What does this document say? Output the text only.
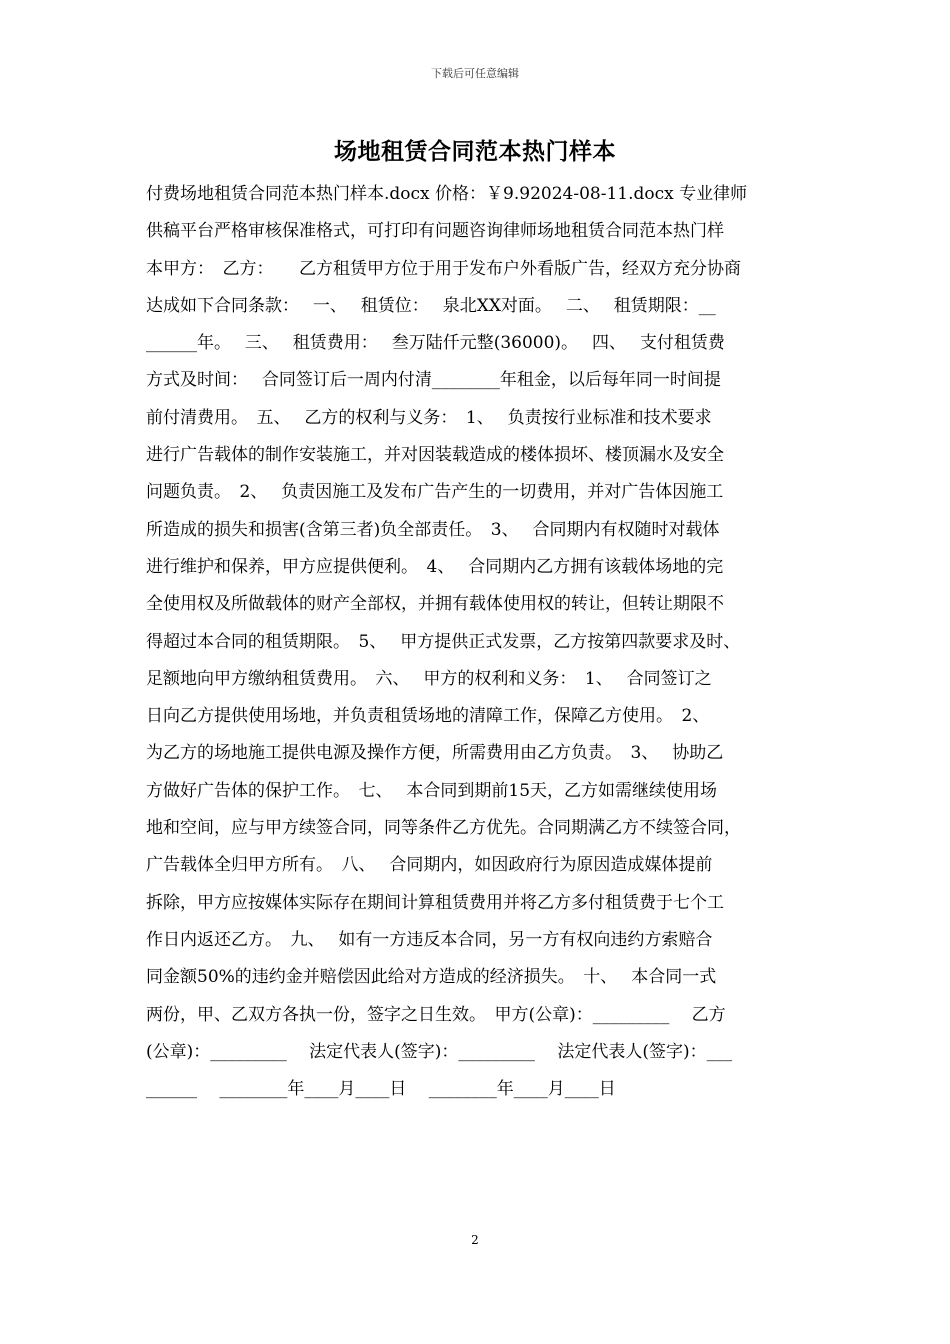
下载后可任意编辑
场地租赁合同范本热门样本
付费场地租赁合同范本热门样本.docx 价格：￥9.92024-08-11.docx 专业律师
供稿平台严格审核保准格式，可打印有问题咨询律师场地租赁合同范本热门样
本甲方：　乙方：　　乙方租赁甲方位于用于发布户外看版广告，经双方充分协商
达成如下合同条款：　 一、　 租赁位：　 泉北XX对面。　 二、　 租赁期限：__
______年。　 三、　 租赁费用：　 叁万陆仟元整(36000)。　 四、　 支付租赁费
方式及时间：　 合同签订后一周内付清________年租金，以后每年同一时间提
前付清费用。　五、　 乙方的权利与义务：　1、　 负责按行业标准和技术要求
进行广告载体的制作安装施工，并对因装载造成的楼体损坏、楼顶漏水及安全
问题负责。　2、　 负责因施工及发布广告产生的一切费用，并对广告体因施工
所造成的损失和损害(含第三者)负全部责任。　3、　 合同期内有权随时对载体
进行维护和保养，甲方应提供便利。　4、　 合同期内乙方拥有该载体场地的完
全使用权及所做载体的财产全部权，并拥有载体使用权的转让，但转让期限不
得超过本合同的租赁期限。　5、　 甲方提供正式发票，乙方按第四款要求及时、
足额地向甲方缴纳租赁费用。　六、　 甲方的权利和义务：　1、　 合同签订之
日向乙方提供使用场地，并负责租赁场地的清障工作，保障乙方使用。　2、
为乙方的场地施工提供电源及操作方便，所需费用由乙方负责。　3、　 协助乙
方做好广告体的保护工作。　七、　 本合同到期前15天，乙方如需继续使用场
地和空间，应与甲方续签合同，同等条件乙方优先。合同期满乙方不续签合同，
广告载体全归甲方所有。　八、　 合同期内，如因政府行为原因造成媒体提前
拆除，甲方应按媒体实际存在期间计算租赁费用并将乙方多付租赁费于七个工
作日内返还乙方。　九、　 如有一方违反本合同，另一方有权向违约方索赔合
同金额50%的违约金并赔偿因此给对方造成的经济损失。　十、　 本合同一式
两份，甲、乙双方各执一份，签字之日生效。　甲方(公章)：_________　 乙方
(公章)：_________　 法定代表人(签字)：_________　 法定代表人(签字)：___
______　 ________年____月____日　 ________年____月____日
2
